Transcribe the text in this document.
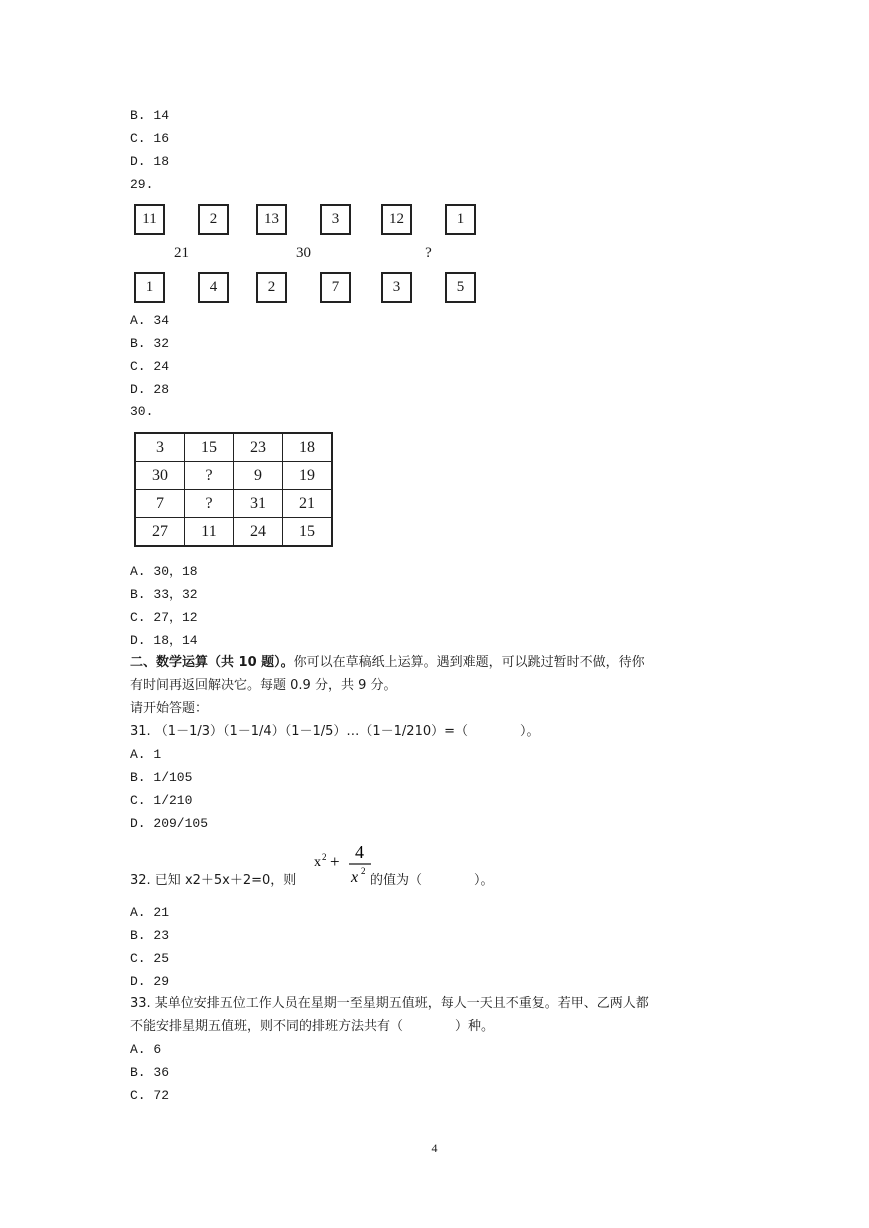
B. 14
C. 16
D. 18
29.
11	2
21
1	4
13	3
30
2	7
12	1
?
3	5
A. 34
B. 32
C. 24
D. 28
30.
3	15	23	18
30	?	9	19
7	?	31	21
27	11	24	15
A. 30，18
B. 33，32
C. 27，12
D. 18，14
二、数学运算（共 10 题）。你可以在草稿纸上运算。遇到难题，可以跳过暂时不做，待你
有时间再返回解决它。每题 0.9 分，共 9 分。
请开始答题：
31. （1－1/3）（1－1/4）（1－1/5）…（1－1/210）=（　　　　）。
A. 1
B. 1/105
C. 1/210
D. 209/105
32. 已知 x2＋5x＋2=0，则
x 2 + 4
x 2
的值为（　　　　）。
A. 21
B. 23
C. 25
D. 29
33. 某单位安排五位工作人员在星期一至星期五值班，每人一天且不重复。若甲、乙两人都
不能安排星期五值班，则不同的排班方法共有（　　　　）种。
A. 6
B. 36
C. 72
4
